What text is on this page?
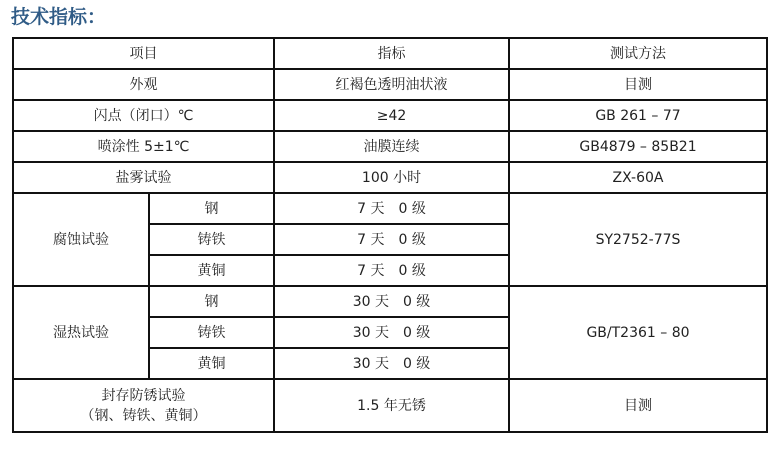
技术指标：
项目		指标	测试方法
外观		红褐色透明油状液	目测
闪点（闭口）℃		≥42	GB 261 – 77
喷涂性 5±1℃		油膜连续	GB4879 – 85B21
盐雾试验		100 小时	ZX-60A
腐蚀试验	钢	7 天　0 级	SY2752-77S
	铸铁	7 天　0 级	
	黄铜	7 天　0 级	
湿热试验	钢	30 天　0 级	GB/T2361 – 80
	铸铁	30 天　0 级	
	黄铜	30 天　0 级	

封存防锈试验
（钢、铸铁、黄铜）		1.5 年无锈	目测
